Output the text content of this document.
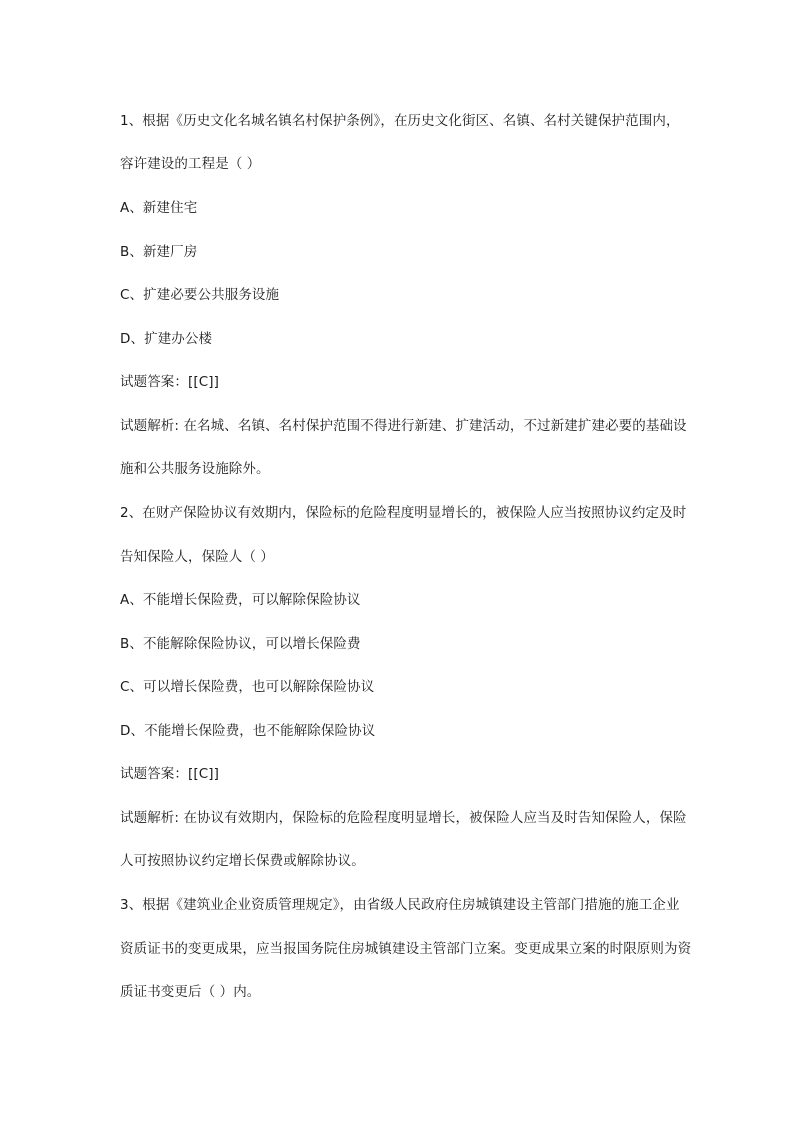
1、根据《历史文化名城名镇名村保护条例》，在历史文化街区、名镇、名村关键保护范围内，
容许建设的工程是（ ）
A、新建住宅
B、新建厂房
C、扩建必要公共服务设施
D、扩建办公楼
试题答案：[[C]]
试题解析: 在名城、名镇、名村保护范围不得进行新建、扩建活动，不过新建扩建必要的基础设
施和公共服务设施除外。
2、在财产保险协议有效期内，保险标的危险程度明显增长的，被保险人应当按照协议约定及时
告知保险人，保险人（ ）
A、不能增长保险费，可以解除保险协议
B、不能解除保险协议，可以增长保险费
C、可以增长保险费，也可以解除保险协议
D、不能增长保险费，也不能解除保险协议
试题答案：[[C]]
试题解析: 在协议有效期内，保险标的危险程度明显增长，被保险人应当及时告知保险人，保险
人可按照协议约定增长保费或解除协议。
3、根据《建筑业企业资质管理规定》，由省级人民政府住房城镇建设主管部门措施的施工企业
资质证书的变更成果，应当报国务院住房城镇建设主管部门立案。变更成果立案的时限原则为资
质证书变更后（ ）内。
